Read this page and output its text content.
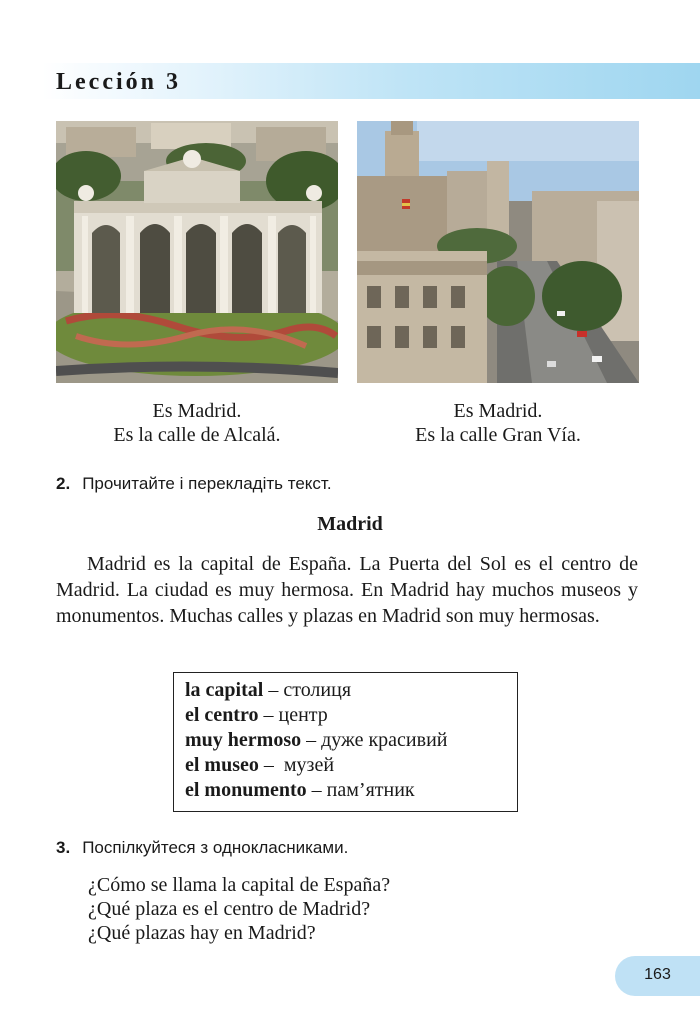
Lección 3
Es Madrid.
Es la calle de Alcalá.
Es Madrid.
Es la calle Gran Vía.
2. Прочитайте і перекладіть текст.
Madrid

Madrid es la capital de España. La Puerta del Sol es el centro de Madrid. La ciudad es muy hermosa. En Madrid hay muchos museos y monumentos. Muchas calles y plazas en Madrid son muy hermosas.

la capital – столиця
el centro – центр
muy hermoso – дуже красивий
el museo –  музей
el monumento – пам’ятник
3. Поспілкуйтеся з однокласниками.
¿Cómo se llama la capital de España?
¿Qué plaza es el centro de Madrid?
¿Qué plazas hay en Madrid?
163
